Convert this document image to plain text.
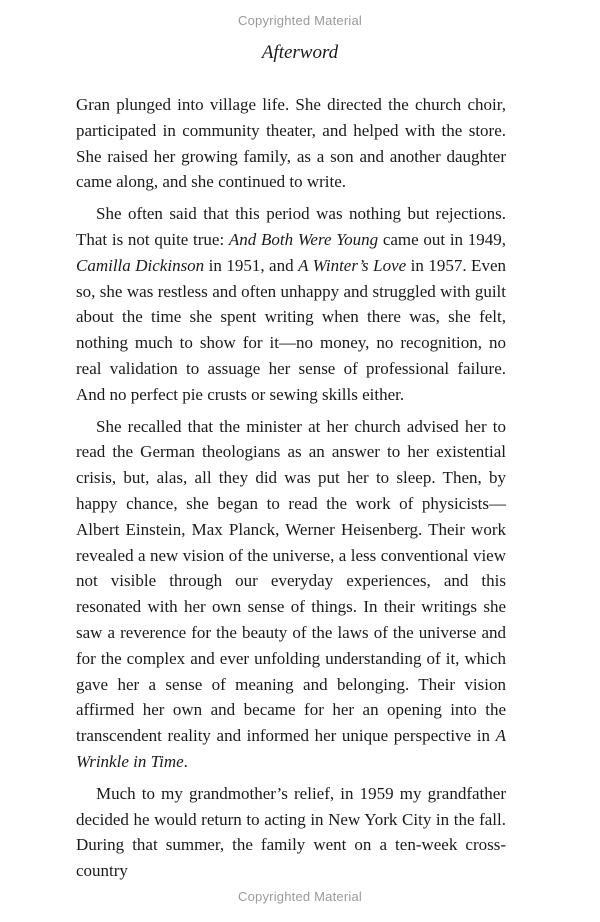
Copyrighted Material
Afterword

Gran plunged into village life. She directed the church choir, participated in community theater, and helped with the store. She raised her growing family, as a son and another daughter came along, and she continued to write.

She often said that this period was nothing but rejections. That is not quite true: And Both Were Young came out in 1949, Camilla Dickinson in 1951, and A Winter’s Love in 1957. Even so, she was restless and often unhappy and struggled with guilt about the time she spent writing when there was, she felt, nothing much to show for it—no money, no recognition, no real validation to assuage her sense of professional failure. And no perfect pie crusts or sewing skills either.

She recalled that the minister at her church advised her to read the German theologians as an answer to her existential crisis, but, alas, all they did was put her to sleep. Then, by happy chance, she began to read the work of physicists—Albert Einstein, Max Planck, Werner Heisenberg. Their work revealed a new vision of the universe, a less conventional view not visible through our everyday experiences, and this resonated with her own sense of things. In their writings she saw a reverence for the beauty of the laws of the universe and for the complex and ever unfolding understanding of it, which gave her a sense of meaning and belonging. Their vision affirmed her own and became for her an opening into the transcendent reality and informed her unique perspective in A Wrinkle in Time.

Much to my grandmother’s relief, in 1959 my grandfather decided he would return to acting in New York City in the fall. During that summer, the family went on a ten-week cross-country

Copyrighted Material
